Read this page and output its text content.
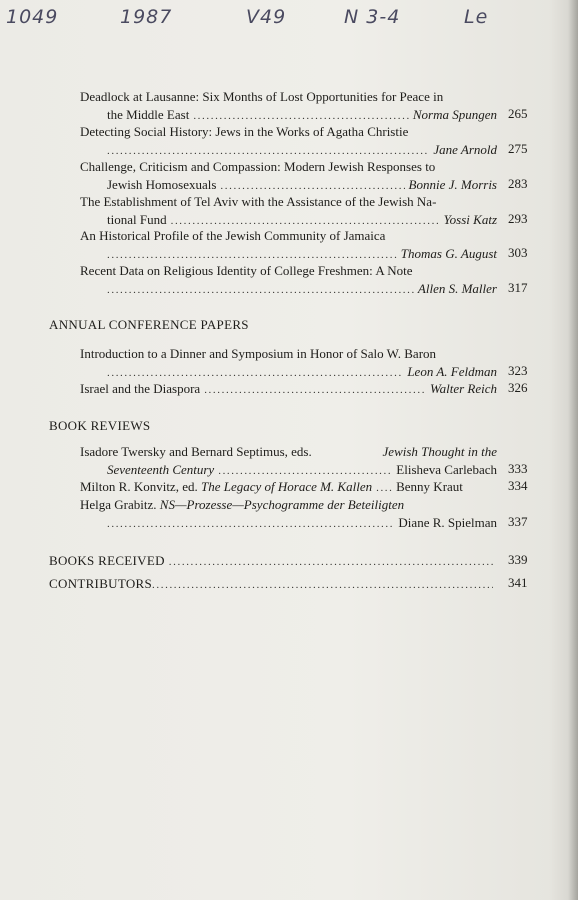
1049	1987	V49	N 3-4	Le
Deadlock at Lausanne: Six Months of Lost Opportunities for Peace in
the Middle East .....	Norma Spungen 265
Detecting Social History: Jews in the Works of Agatha Christie
.....
Jane Arnold 275
Challenge, Criticism and Compassion: Modern Jewish Responses to
Jewish Homosexuals .....	Bonnie J. Morris 283
The Establishment of Tel Aviv with the Assistance of the Jewish Na-
tional Fund .....	Yossi Katz 293
An Historical Profile of the Jewish Community of Jamaica
.....
Thomas G. August 303
Recent Data on Religious Identity of College Freshmen: A Note
.....
Allen S. Maller 317
ANNUAL CONFERENCE PAPERS
Introduction to a Dinner and Symposium in Honor of Salo W. Baron
.....
Leon A. Feldman 323
Israel and the Diaspora .....	Walter Reich 326
BOOK REVIEWS
Isadore Twersky and Bernard Septimus, eds.	Jewish Thought in the
Seventeenth Century .....	Elisheva Carlebach 333
Milton R. Konvitz, ed.
The Legacy of Horace M. Kallen ..... Benny Kraut	334
Helga Grabitz.
NS—Prozesse—Psychogramme der Beteiligten
.....
Diane R. Spielman 337
BOOKS RECEIVED .....	339
CONTRIBUTORS .....	341
